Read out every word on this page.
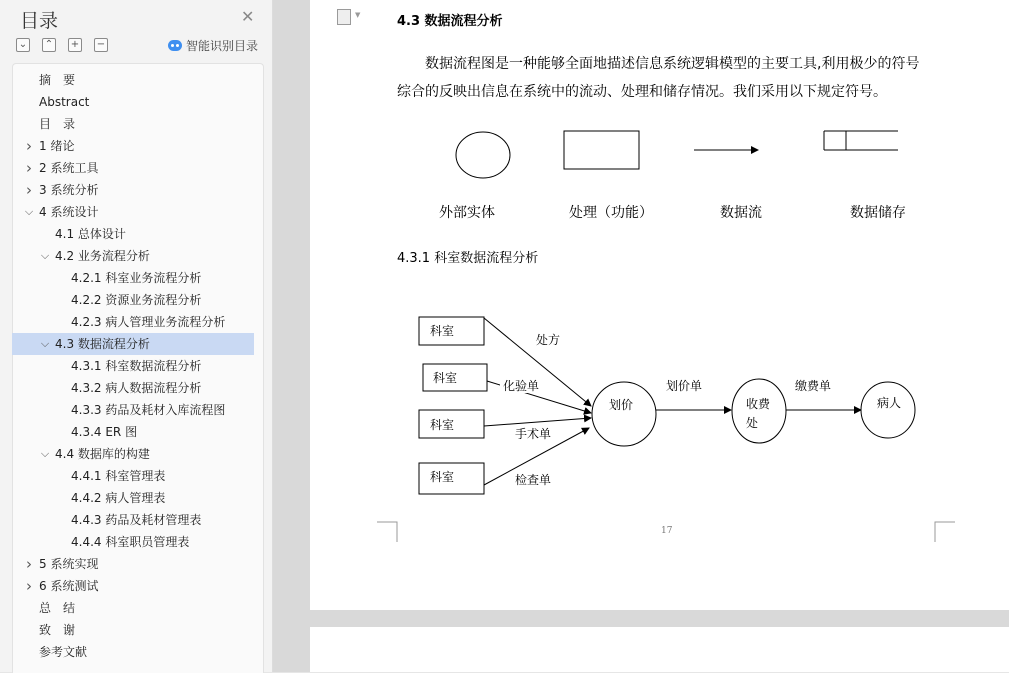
目录	✕
⌄ ⌃ + −	智能识别目录
摘　要
Abstract
目　录
› 1 绪论
› 2 系统工具
› 3 系统分析
⌵ 4 系统设计
4.1 总体设计
⌵ 4.2 业务流程分析
4.2.1 科室业务流程分析
4.2.2 资源业务流程分析
4.2.3 病人管理业务流程分析
⌵ 4.3 数据流程分析
4.3.1 科室数据流程分析
4.3.2 病人数据流程分析
4.3.3 药品及耗材入库流程图
4.3.4 ER 图
⌵ 4.4 数据库的构建
4.4.1 科室管理表
4.4.2 病人管理表
4.4.3 药品及耗材管理表
4.4.4 科室职员管理表
› 5 系统实现
› 6 系统测试
总　结
致　谢
参考文献
▼	4.3 数据流程分析

数据流程图是一种能够全面地描述信息系统逻辑模型的主要工具,利用极少的符号

综合的反映出信息在系统中的流动、处理和储存情况。我们采用以下规定符号。

外部实体	处理（功能）	数据流	数据储存
4.3.1 科室数据流程分析
科室
科室
科室
科室
处方
化验单
手术单
检查单
划价
划价单
收费
处
缴费单
病人
17
